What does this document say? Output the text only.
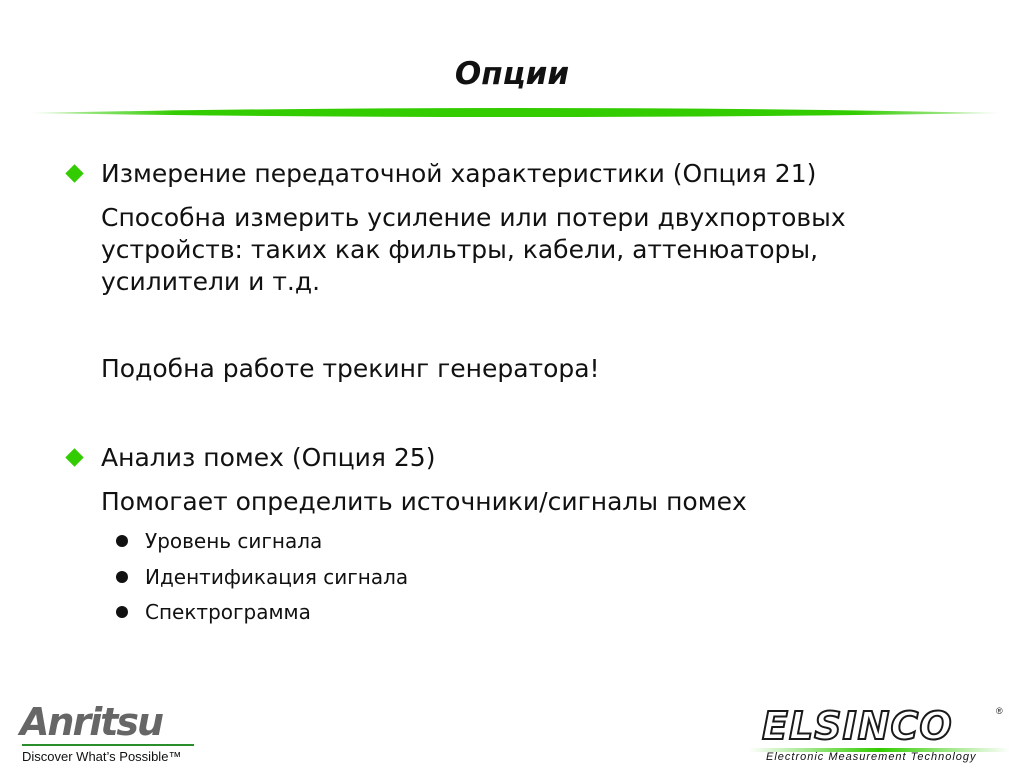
Опции
Измерение передаточной характеристики (Опция 21)
Способна измерить усиление или потери двухпортовых устройств: таких как фильтры, кабели, аттенюаторы, усилители и т.д.
Подобна работе трекинг генератора!
Анализ помех (Опция 25)
Помогает определить источники/сигналы помех
Уровень сигнала
Идентификация сигнала
Спектрограмма
Anritsu
Discover What’s Possible™
ELSINCO	®
Electronic Measurement Technology
